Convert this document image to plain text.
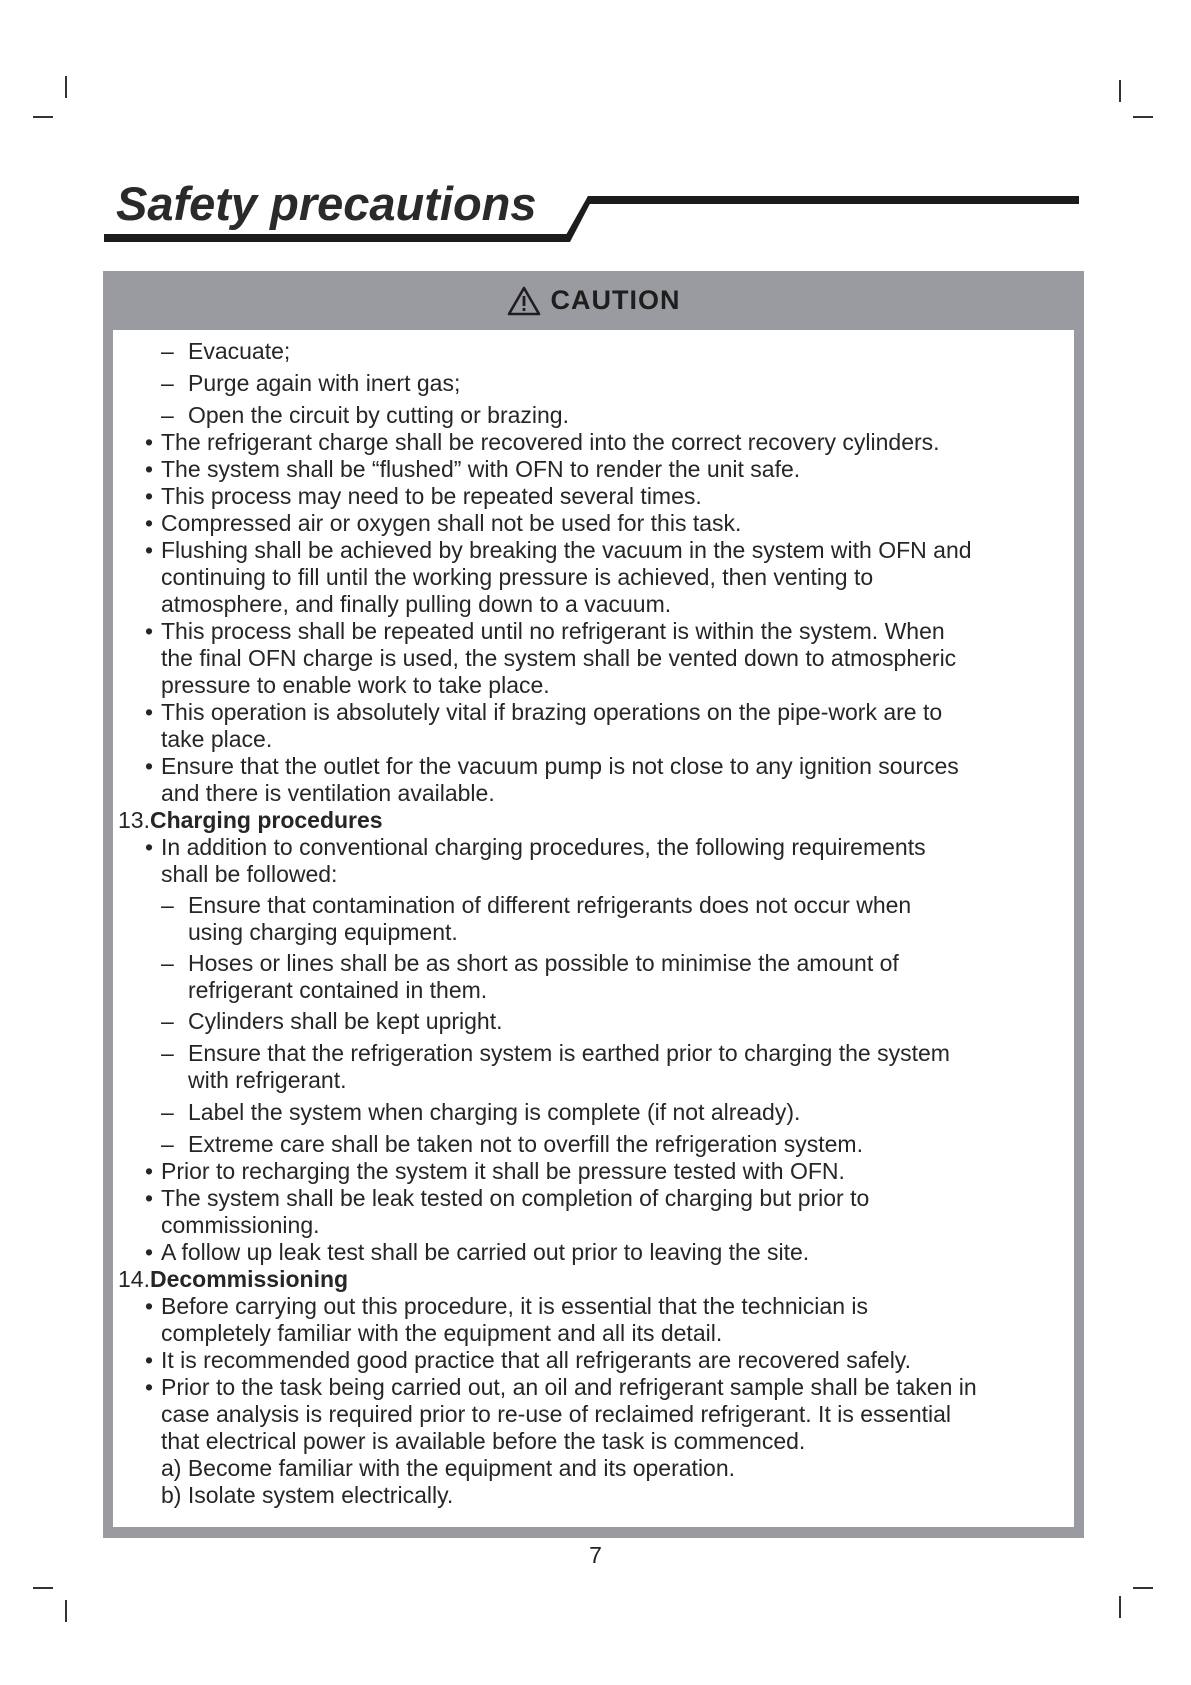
Safety precautions
CAUTION
– Evacuate;
– Purge again with inert gas;
– Open the circuit by cutting or brazing.
• The refrigerant charge shall be recovered into the correct recovery cylinders.
• The system shall be “flushed” with OFN to render the unit safe.
• This process may need to be repeated several times.
• Compressed air or oxygen shall not be used for this task.
• Flushing shall be achieved by breaking the vacuum in the system with OFN and
continuing to fill until the working pressure is achieved, then venting to
atmosphere, and finally pulling down to a vacuum.
• This process shall be repeated until no refrigerant is within the system. When
the final OFN charge is used, the system shall be vented down to atmospheric
pressure to enable work to take place.
• This operation is absolutely vital if brazing operations on the pipe-work are to
take place.
• Ensure that the outlet for the vacuum pump is not close to any ignition sources
and there is ventilation available.
13.Charging procedures
• In addition to conventional charging procedures, the following requirements
shall be followed:
– Ensure that contamination of different refrigerants does not occur when
using charging equipment.
– Hoses or lines shall be as short as possible to minimise the amount of
refrigerant contained in them.
– Cylinders shall be kept upright.
– Ensure that the refrigeration system is earthed prior to charging the system
with refrigerant.
– Label the system when charging is complete (if not already).
– Extreme care shall be taken not to overfill the refrigeration system.
• Prior to recharging the system it shall be pressure tested with OFN.
• The system shall be leak tested on completion of charging but prior to
commissioning.
• A follow up leak test shall be carried out prior to leaving the site.
14.Decommissioning
• Before carrying out this procedure, it is essential that the technician is
completely familiar with the equipment and all its detail.
• It is recommended good practice that all refrigerants are recovered safely.
• Prior to the task being carried out, an oil and refrigerant sample shall be taken in
case analysis is required prior to re-use of reclaimed refrigerant. It is essential
that electrical power is available before the task is commenced.
a) Become familiar with the equipment and its operation.
b) Isolate system electrically.
7
